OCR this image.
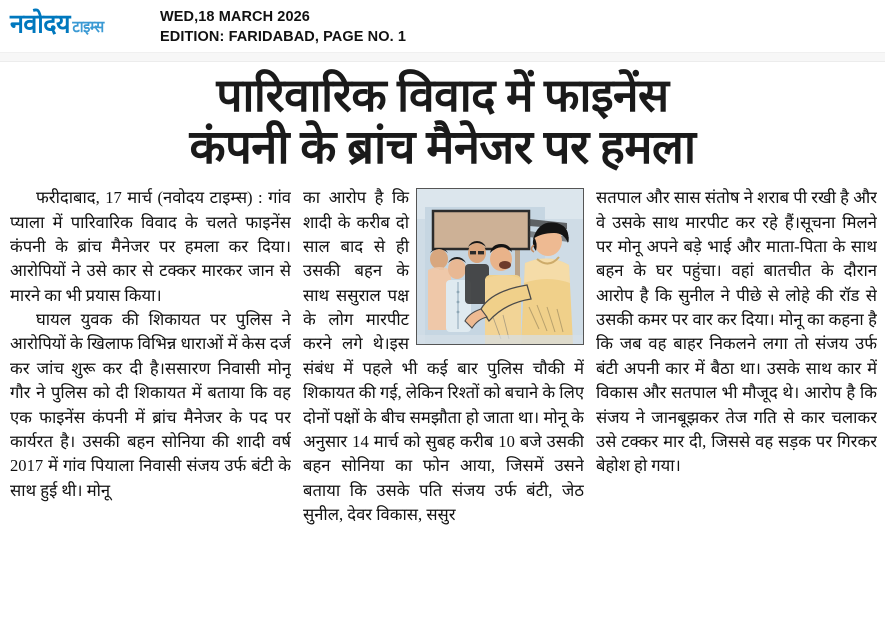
नवोदय टाइम्स
WED,18 MARCH 2026
EDITION: FARIDABAD, PAGE NO. 1
पारिवारिक विवाद में फाइनेंस
कंपनी के ब्रांच मैनेजर पर हमला

फरीदाबाद, 17 मार्च (नवोदय टाइम्स) : गांव प्याला में पारिवारिक विवाद के चलते फाइनेंस कंपनी के ब्रांच मैनेजर पर हमला कर दिया। आरोपियों ने उसे कार से टक्कर मारकर जान से मारने का भी प्रयास किया।

घायल युवक की शिकायत पर पुलिस ने आरोपियों के खिलाफ विभिन्न धाराओं में केस दर्ज कर जांच शुरू कर दी है।ससारण निवासी मोनू गौर ने पुलिस को दी शिकायत में बताया कि वह एक फाइनेंस कंपनी में ब्रांच मैनेजर के पद पर कार्यरत है। उसकी बहन सोनिया की शादी वर्ष 2017 में गांव पियाला निवासी संजय उर्फ बंटी के साथ हुई थी। मोनू

का आरोप है कि शादी के करीब दो साल बाद से ही उसकी बहन के साथ ससुराल पक्ष के लोग मारपीट करने लगे थे।इस संबंध में पहले भी कई बार पुलिस चौकी में शिकायत की गई, लेकिन रिश्तों को बचाने के लिए दोनों पक्षों के बीच समझौता हो जाता था। मोनू के अनुसार 14 मार्च को सुबह करीब 10 बजे उसकी बहन सोनिया का फोन आया, जिसमें उसने बताया कि उसके पति संजय उर्फ बंटी, जेठ सुनील, देवर विकास, ससुर

सतपाल और सास संतोष ने शराब पी रखी है और वे उसके साथ मारपीट कर रहे हैं।सूचना मिलने पर मोनू अपने बड़े भाई और माता-पिता के साथ बहन के घर पहुंचा। वहां बातचीत के दौरान आरोप है कि सुनील ने पीछे से लोहे की रॉड से उसकी कमर पर वार कर दिया। मोनू का कहना है कि जब वह बाहर निकलने लगा तो संजय उर्फ बंटी अपनी कार में बैठा था। उसके साथ कार में विकास और सतपाल भी मौजूद थे। आरोप है कि संजय ने जानबूझकर तेज गति से कार चलाकर उसे टक्कर मार दी, जिससे वह सड़क पर गिरकर बेहोश हो गया।
